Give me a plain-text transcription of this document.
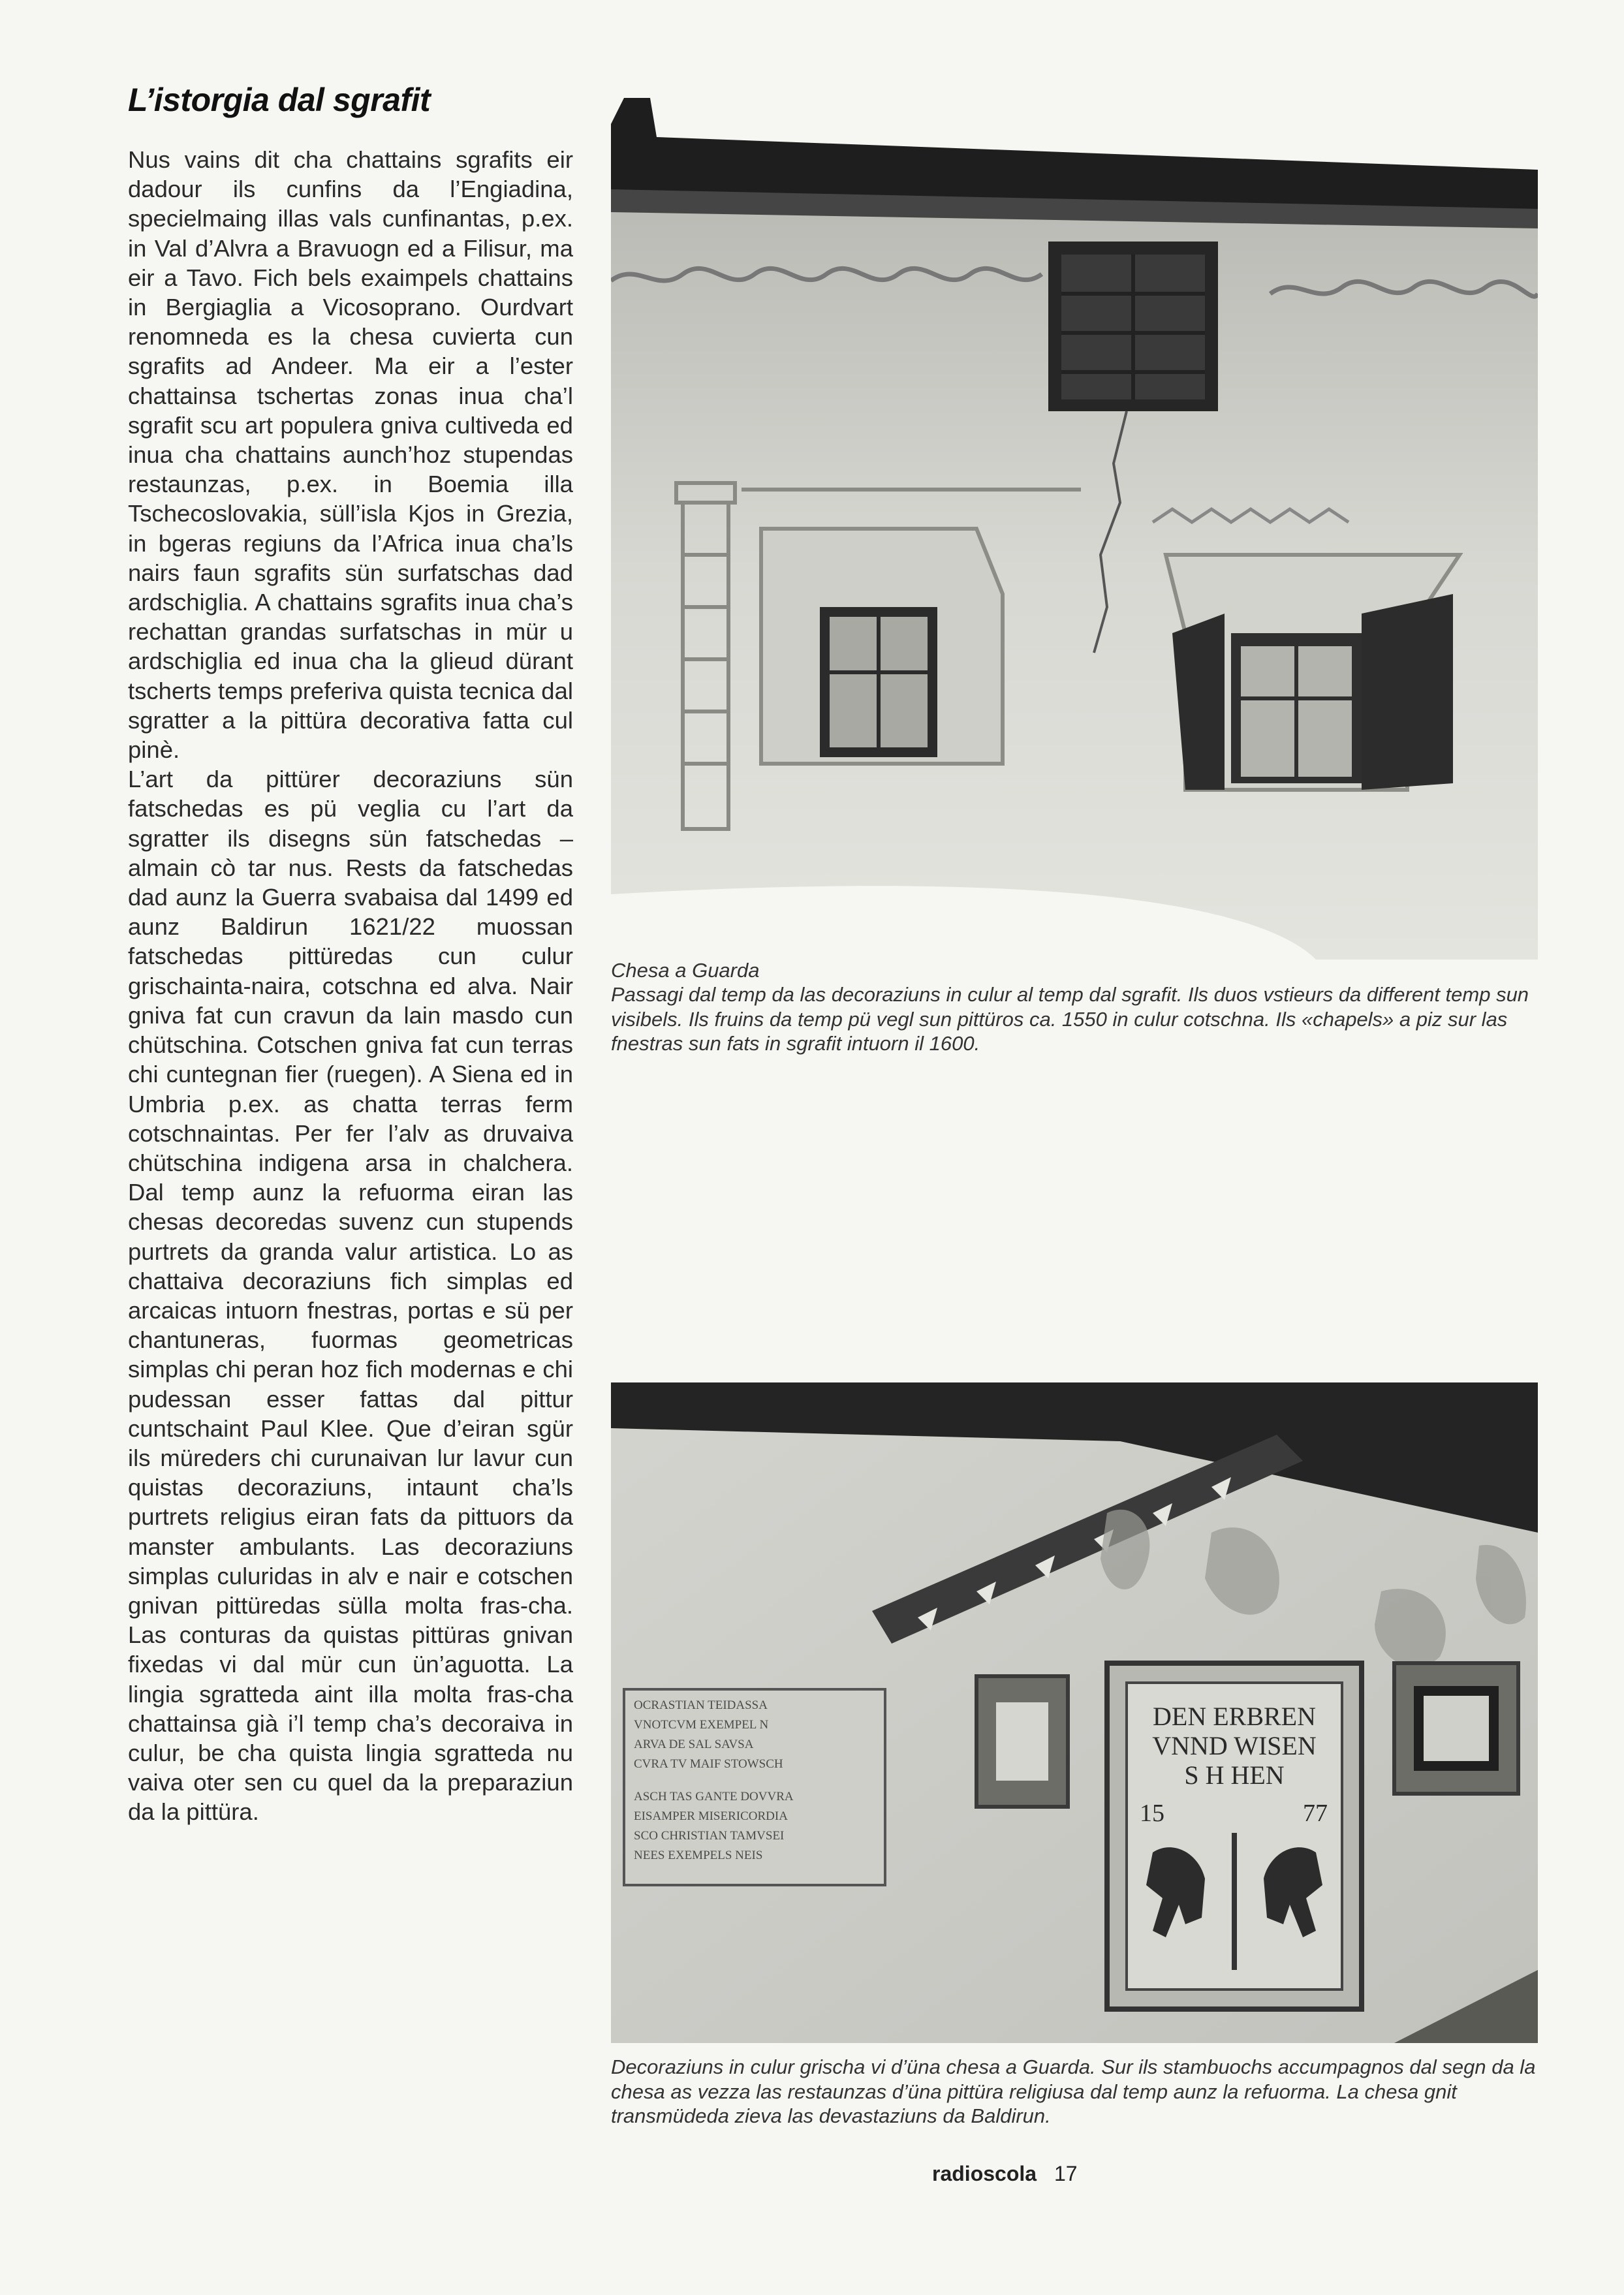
L’istorgia dal sgrafit

Nus vains dit cha chattains sgrafits eir dadour ils cunfins da l’Engiadina, specielmaing illas vals cunfinantas, p.ex. in Val d’Alvra a Bravuogn ed a Filisur, ma eir a Tavo. Fich bels exaimpels chattains in Bergiaglia a Vicosoprano. Ourdvart renomneda es la chesa cuvierta cun sgrafits ad Andeer. Ma eir a l’ester chattainsa tschertas zonas inua cha’l sgrafit scu art populera gniva cultiveda ed inua cha chattains aunch’hoz stupendas restaunzas, p.ex. in Boemia illa Tschecoslovakia, süll’isla Kjos in Grezia, in bgeras regiuns da l’Africa inua cha’ls nairs faun sgrafits sün surfatschas dad ardschiglia. A chattains sgrafits inua cha’s rechattan grandas surfatschas in mür u ardschiglia ed inua cha la glieud dürant tscherts temps preferiva quista tecnica dal sgratter a la pittüra decorativa fatta cul pinè.

L’art da pittürer decoraziuns sün fatschedas es pü veglia cu l’art da sgratter ils disegns sün fatschedas – almain cò tar nus. Rests da fatschedas dad aunz la Guerra svabaisa dal 1499 ed aunz Baldirun 1621/22 muossan fatschedas pittüredas cun culur grischainta-naira, cotschna ed alva. Nair gniva fat cun cravun da lain masdo cun chütschina. Cotschen gniva fat cun terras chi cuntegnan fier (ruegen). A Siena ed in Umbria p.ex. as chatta terras ferm cotschnaintas. Per fer l’alv as druvaiva chütschina indigena arsa in chalchera. Dal temp aunz la refuorma eiran las chesas decoredas suvenz cun stupends purtrets da granda valur artistica. Lo as chattaiva decoraziuns fich simplas ed arcaicas intuorn fnestras, portas e sü per chantuneras, fuormas geometricas simplas chi peran hoz fich modernas e chi pudessan esser fattas dal pittur cuntschaint Paul Klee. Que d’eiran sgür ils müreders chi curunaivan lur lavur cun quistas decoraziuns, intaunt cha’ls purtrets religius eiran fats da pittuors da manster ambulants. Las decoraziuns simplas culuridas in alv e nair e cotschen gnivan pittüredas sülla molta fras-cha. Las conturas da quistas pittüras gnivan fixedas vi dal mür cun ün’aguotta. La lingia sgratteda aint illa molta fras-cha chattainsa già i’l temp cha’s decoraiva in culur, be cha quista lingia sgratteda nu vaiva oter sen cu quel da la preparaziun da la pittüra.

Chesa a Guarda
Passagi dal temp da las decoraziuns in culur al temp dal sgrafit. Ils duos vstieurs da different temp sun visibels. Ils fruins da temp pü vegl sun pittüros ca. 1550 in culur cotschna. Ils «chapels» a piz sur las fnestras sun fats in sgrafit intuorn il 1600.
OCRASTIAN TEIDASSA
VNOTCVM EXEMPEL N
ARVA DE SAL SAVSA
CVRA TV MAIF STOWSCH
ASCH TAS GANTE DOVVRA
EISAMPER MISERICORDIA
SCO CHRISTIAN TAMVSEI
NEES EXEMPELS NEIS
DEN ERBREN
VNND WISEN
S H HEN
15	77
Decoraziuns in culur grischa vi d’üna chesa a Guarda. Sur ils stambuochs accumpagnos dal segn da la chesa as vezza las restaunzas d’üna pittüra religiusa dal temp aunz la refuorma. La chesa gnit transmüdeda zieva las devastaziuns da Baldirun.
radioscola 17
